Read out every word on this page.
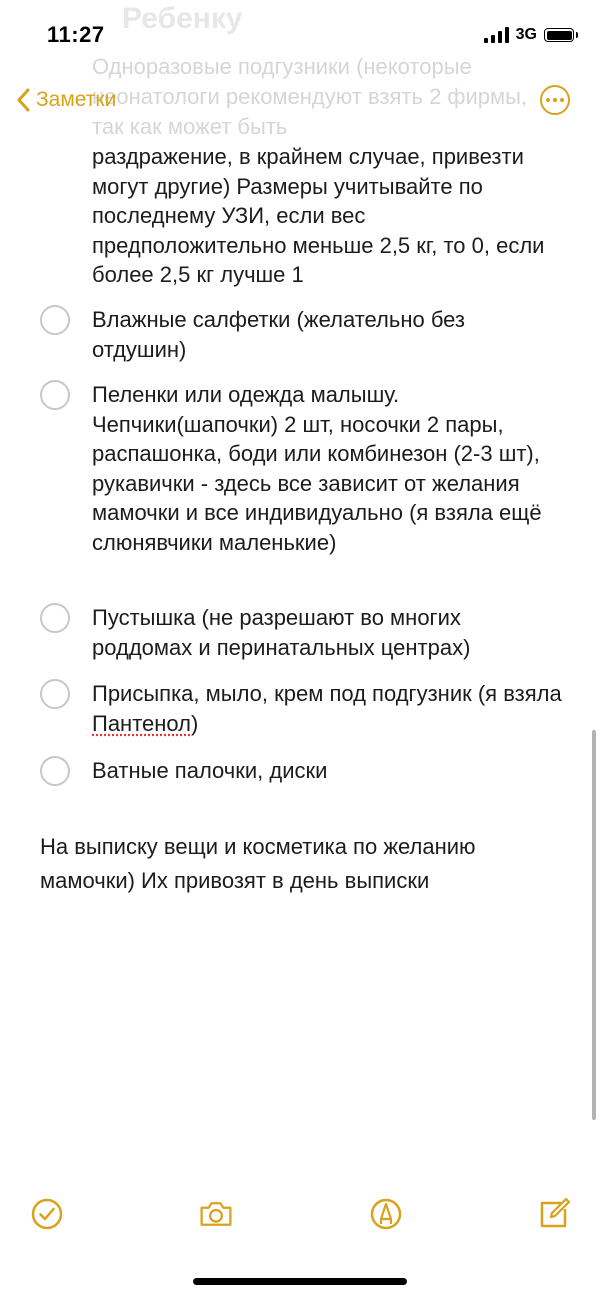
11:27	3G
Ребенку
Одноразовые подгузники (некоторые неонатологи рекомендуют взять 2 фирмы, так как может быть
Заметки
раздражение, в крайнем случае, привезти могут другие) Размеры учитывайте по последнему УЗИ, если вес предположительно меньше 2,5 кг, то 0, если более 2,5 кг лучше 1
Влажные салфетки (желательно без отдушин)
Пеленки или одежда малышу. Чепчики(шапочки) 2 шт, носочки 2 пары, распашонка, боди или комбинезон (2-3 шт), рукавички - здесь все зависит от желания мамочки и все индивидуально (я взяла ещё слюнявчики маленькие)
Пустышка (не разрешают во многих роддомах и перинатальных центрах)
Присыпка, мыло, крем под подгузник (я взяла Пантенол)
Ватные палочки, диски
На выписку вещи и косметика по желанию мамочки) Их привозят в день выписки
